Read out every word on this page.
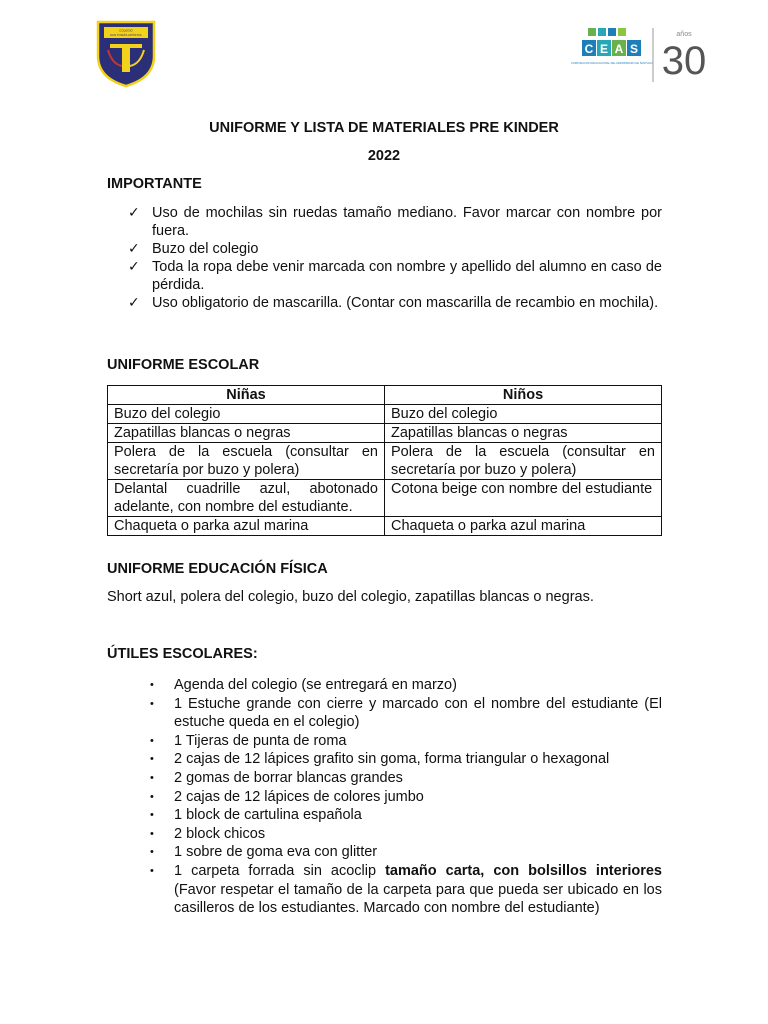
COLEGIO
SAN TOMÁS APÓSTOL
C E A S
CORPORACIÓN EDUCACIONAL DEL ARZOBISPADO DE SANTIAGO
años
30
UNIFORME Y LISTA DE MATERIALES PRE KINDER
2022
IMPORTANTE
✓ Uso de mochilas sin ruedas tamaño mediano. Favor marcar con nombre por fuera.
✓ Buzo del colegio
✓ Toda la ropa debe venir marcada con nombre y apellido del alumno en caso de pérdida.
✓ Uso obligatorio de mascarilla. (Contar con mascarilla de recambio en mochila).
UNIFORME ESCOLAR
Niñas	Niños
Buzo del colegio	Buzo del colegio
Zapatillas blancas o negras	Zapatillas blancas o negras
Polera de la escuela (consultar en secretaría por buzo y polera)	Polera de la escuela (consultar en secretaría por buzo y polera)
Delantal cuadrille azul, abotonado adelante, con nombre del estudiante.	Cotona beige con nombre del estudiante
Chaqueta o parka azul marina	Chaqueta o parka azul marina
UNIFORME EDUCACIÓN FÍSICA
Short azul, polera del colegio, buzo del colegio, zapatillas blancas o negras.
ÚTILES ESCOLARES:
• Agenda del colegio (se entregará en marzo)
• 1 Estuche grande con cierre y marcado con el nombre del estudiante (El estuche queda en el colegio)
• 1 Tijeras de punta de roma
• 2 cajas de 12 lápices grafito sin goma, forma triangular o hexagonal
• 2 gomas de borrar blancas grandes
• 2 cajas de 12 lápices de colores jumbo
• 1 block de cartulina española
• 2 block chicos
• 1 sobre de goma eva con glitter
• 1 carpeta forrada sin acoclip tamaño carta, con bolsillos interiores (Favor respetar el tamaño de la carpeta para que pueda ser ubicado en los casilleros de los estudiantes. Marcado con nombre del estudiante)
